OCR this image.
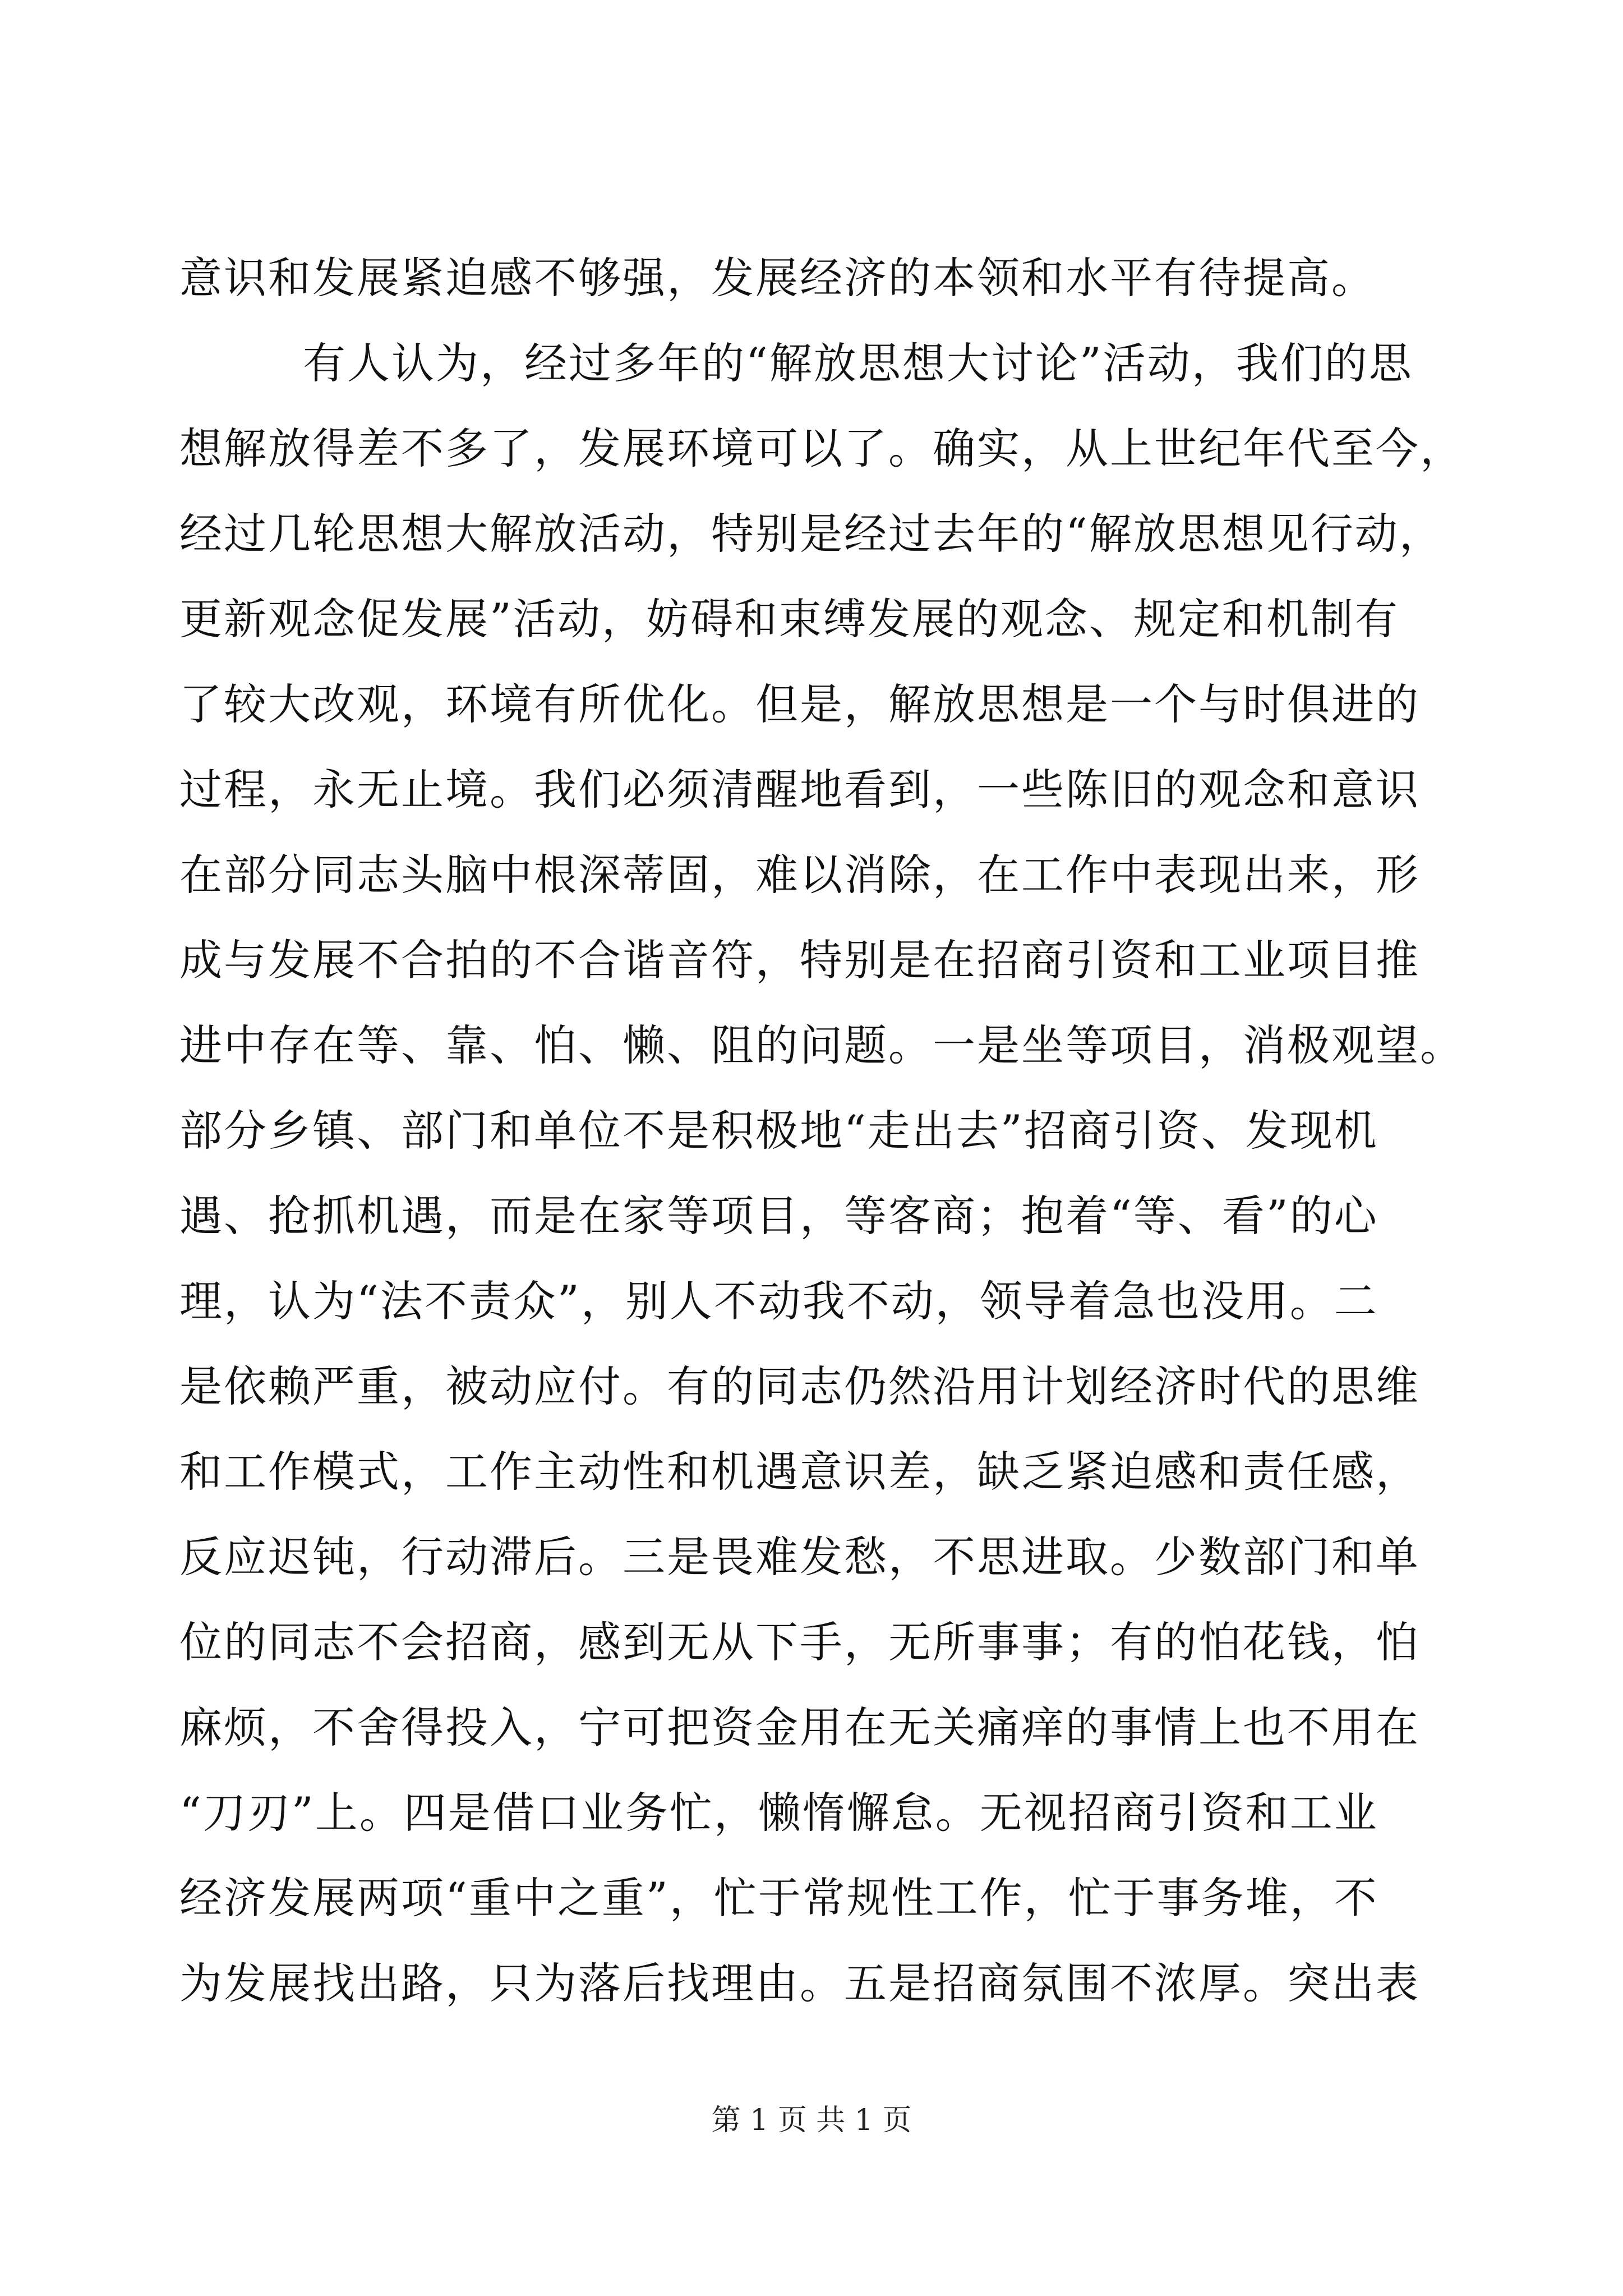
意识和发展紧迫感不够强，发展经济的本领和水平有待提高。
有人认为，经过多年的“解放思想大讨论”活动，我们的思
想解放得差不多了，发展环境可以了。确实，从上世纪年代至今，
经过几轮思想大解放活动，特别是经过去年的“解放思想见行动，
更新观念促发展”活动，妨碍和束缚发展的观念、规定和机制有
了较大改观，环境有所优化。但是，解放思想是一个与时俱进的
过程，永无止境。我们必须清醒地看到，一些陈旧的观念和意识
在部分同志头脑中根深蒂固，难以消除，在工作中表现出来，形
成与发展不合拍的不合谐音符，特别是在招商引资和工业项目推
进中存在等、靠、怕、懒、阻的问题。一是坐等项目，消极观望。
部分乡镇、部门和单位不是积极地“走出去”招商引资、发现机
遇、抢抓机遇，而是在家等项目，等客商；抱着“等、看”的心
理，认为“法不责众”，别人不动我不动，领导着急也没用。二
是依赖严重，被动应付。有的同志仍然沿用计划经济时代的思维
和工作模式，工作主动性和机遇意识差，缺乏紧迫感和责任感，
反应迟钝，行动滞后。三是畏难发愁，不思进取。少数部门和单
位的同志不会招商，感到无从下手，无所事事；有的怕花钱，怕
麻烦，不舍得投入，宁可把资金用在无关痛痒的事情上也不用在
“刀刃”上。四是借口业务忙，懒惰懈怠。无视招商引资和工业
经济发展两项“重中之重”，忙于常规性工作，忙于事务堆，不
为发展找出路，只为落后找理由。五是招商氛围不浓厚。突出表
第 1 页 共 1 页
